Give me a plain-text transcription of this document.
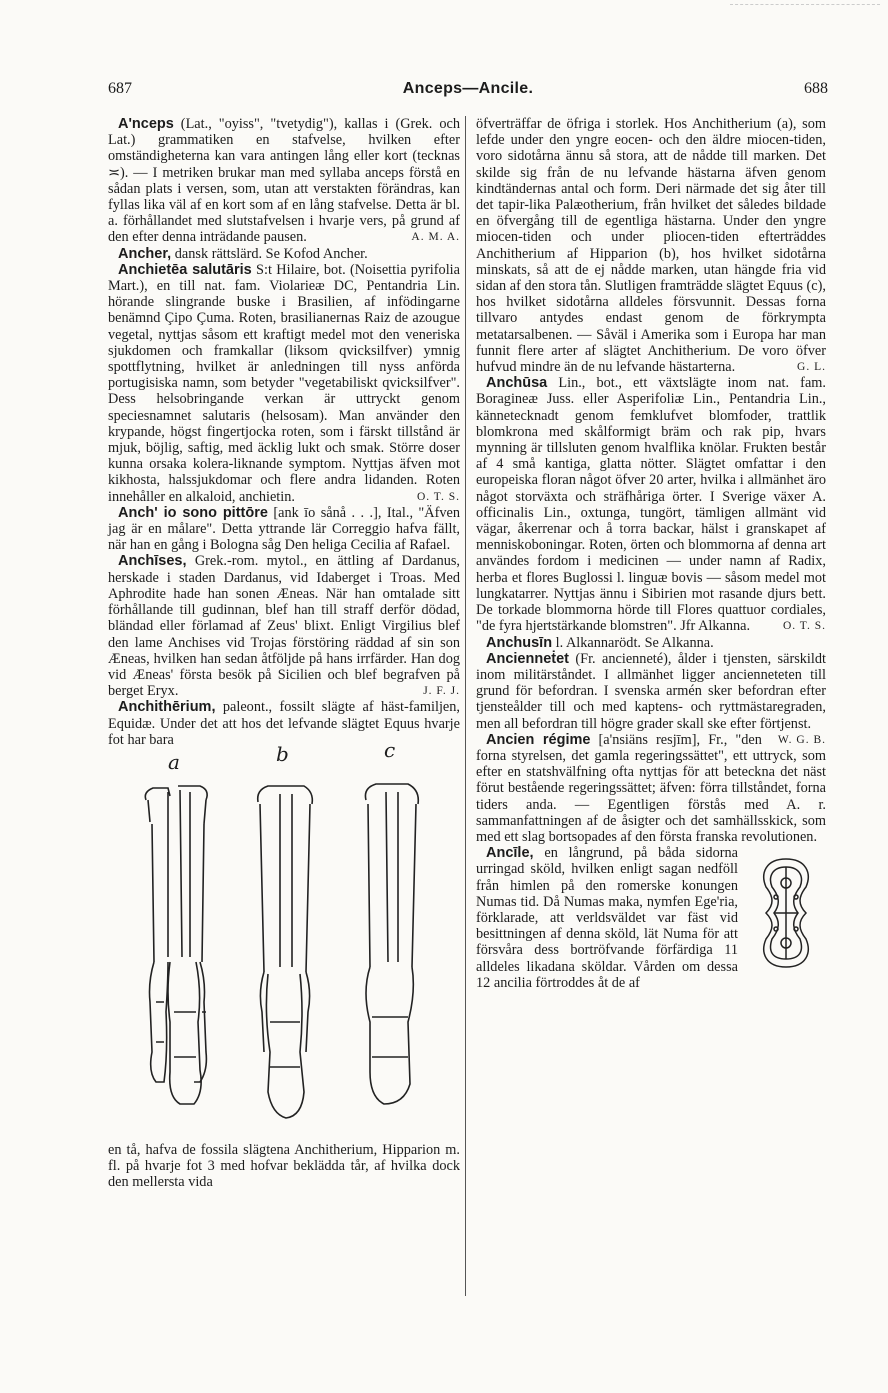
687	Anceps—Ancile.	688

A'nceps (Lat., "oyiss", "tvetydig"), kallas i (Grek. och Lat.) grammatiken en stafvelse, hvilken efter omständigheterna kan vara antingen lång eller kort (tecknas ≍). — I metriken brukar man med syllaba anceps förstå en sådan plats i versen, som, utan att verstakten förändras, kan fyllas lika väl af en kort som af en lång stafvelse. Detta är bl. a. förhållandet med slutstafvelsen i hvarje vers, på grund af den efter denna inträdande pausen.	A. M. A.

Ancher, dansk rättslärd. Se Kofod Ancher.

Anchietēa salutāris S:t Hilaire, bot. (Noisettia pyrifolia Mart.), en till nat. fam. Violarieæ DC, Pentandria Lin. hörande slingrande buske i Brasilien, af infödingarne benämnd Çipo Çuma. Roten, brasilianernas Raiz de azougue vegetal, nyttjas såsom ett kraftigt medel mot den veneriska sjukdomen och framkallar (liksom qvicksilfver) ymnig spottflytning, hvilket är anledningen till nyss anförda portugisiska namn, som betyder "vegetabiliskt qvicksilfver". Dess helsobringande verkan är uttryckt genom speciesnamnet salutaris (helsosam). Man använder den krypande, högst fingertjocka roten, som i färskt tillstånd är mjuk, böjlig, saftig, med äcklig lukt och smak. Större doser kunna orsaka kolera-liknande symptom. Nyttjas äfven mot kikhosta, halssjukdomar och flere andra lidanden. Roten innehåller en alkaloid, anchietin.	O. T. S.

Anch' io sono pittōre [ank īo sånå . . .], Ital., "Äfven jag är en målare". Detta yttrande lär Correggio hafva fällt, när han en gång i Bologna såg Den heliga Cecilia af Rafael.

Anchīses, Grek.-rom. mytol., en ättling af Dardanus, herskade i staden Dardanus, vid Idaberget i Troas. Med Aphrodite hade han sonen Æneas. När han omtalade sitt förhållande till gudinnan, blef han till straff derför dödad, bländad eller förlamad af Zeus' blixt. Enligt Virgilius blef den lame Anchises vid Trojas förstöring räddad af sin son Æneas, hvilken han sedan åtföljde på hans irrfärder. Han dog vid Æneas' första besök på Sicilien och blef begrafven på berget Eryx.	J. F. J.

Anchithērium, paleont., fossilt slägte af häst-familjen, Equidæ. Under det att hos det lefvande slägtet Equus hvarje fot har bara

a	b	c

en tå, hafva de fossila slägtena Anchitherium, Hipparion m. fl. på hvarje fot 3 med hofvar beklädda tår, af hvilka dock den mellersta vida

öfverträffar de öfriga i storlek. Hos Anchitherium (a), som lefde under den yngre eocen- och den äldre miocen-tiden, voro sidotårna ännu så stora, att de nådde till marken. Det skilde sig från de nu lefvande hästarna äfven genom kindtändernas antal och form. Deri närmade det sig åter till det tapir-lika Palæotherium, från hvilket det således bildade en öfvergång till de egentliga hästarna. Under den yngre miocen-tiden och under pliocen-tiden efterträddes Anchitherium af Hipparion (b), hos hvilket sidotårna minskats, så att de ej nådde marken, utan hängde fria vid sidan af den stora tån. Slutligen framträdde slägtet Equus (c), hos hvilket sidotårna alldeles försvunnit. Dessas forna tillvaro antydes endast genom de förkrympta metatarsalbenen. — Såväl i Amerika som i Europa har man funnit flere arter af slägtet Anchitherium. De voro öfver hufvud mindre än de nu lefvande hästarterna.	G. L.

Anchūsa Lin., bot., ett växtslägte inom nat. fam. Boragineæ Juss. eller Asperifoliæ Lin., Pentandria Lin., kännetecknadt genom femklufvet blomfoder, trattlik blomkrona med skålformigt bräm och rak pip, hvars mynning är tillsluten genom hvalflika knölar. Frukten består af 4 små kantiga, glatta nötter. Slägtet omfattar i den europeiska floran något öfver 20 arter, hvilka i allmänhet äro något storväxta och sträfhåriga örter. I Sverige växer A. officinalis Lin., oxtunga, tungört, tämligen allmänt vid vägar, åkerrenar och å torra backar, hälst i granskapet af menniskoboningar. Roten, örten och blommorna af denna art användes fordom i medicinen — under namn af Radix, herba et flores Buglossi l. linguæ bovis — såsom medel mot lungkatarrer. Nyttjas ännu i Sibirien mot rasande djurs bett. De torkade blommorna hörde till Flores quattuor cordiales, "de fyra hjertstärkande blomstren". Jfr Alkanna.	O. T. S.

Anchusīn l. Alkannarödt. Se Alkanna.

Ancienneṫet (Fr. ancienneté), ålder i tjensten, särskildt inom militärståndet. I allmänhet ligger ancienneteten till grund för befordran. I svenska armén sker befordran efter tjensteålder till och med kaptens- och ryttmästaregraden, men all befordran till högre grader skall ske efter förtjenst.
W. G. B.

Ancien régime [a'nsiäns resjīm], Fr., "den forna styrelsen, det gamla regeringssättet", ett uttryck, som efter en statshvälfning ofta nyttjas för att beteckna det näst förut bestående regeringssättet; äfven: förra tillståndet, forna tiders anda. — Egentligen förstås med A. r. sammanfattningen af de åsigter och det samhällsskick, som med ett slag bortsopades af den första franska revolutionen.

Ancīle, en långrund, på båda sidorna urringad sköld, hvilken enligt sagan nedföll från himlen på den romerske konungen Numas tid. Då Numas maka, nymfen Ege'ria, förklarade, att verldsväldet var fäst vid besittningen af denna sköld, lät Numa för att försvåra dess bortröfvande förfärdiga 11 alldeles likadana sköldar. Vården om dessa 12 ancilia förtroddes åt de af
